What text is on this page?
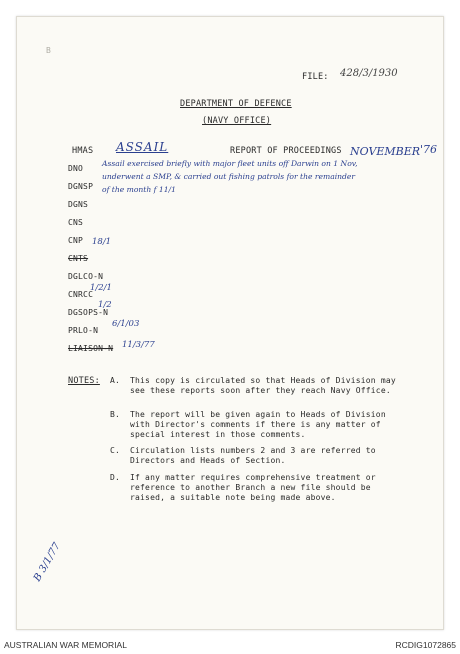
B
FILE: 428/3/1930
DEPARTMENT OF DEFENCE
(NAVY OFFICE)
HMAS ASSAIL	REPORT OF PROCEEDINGS NOVEMBER '76
Assail exercised briefly with major fleet units off Darwin on 1 Nov,
underwent a SMP, & carried out fishing patrols for the remainder
of the month f 11/1
DNO
DGNSP
DGNS
CNS
CNP 18/1
CNTS
DGLCO-N
CNRCC
1/2/1
DGSOPS-N
1/2
PRLO-N
6/1/03
LIAISON-N 11/3/77
NOTES: A. This copy is circulated so that Heads of Division may see these reports soon after they reach Navy Office.
B. The report will be given again to Heads of Division with Director's comments if there is any matter of special interest in those comments.
C. Circulation lists numbers 2 and 3 are referred to Directors and Heads of Section.
D. If any matter requires comprehensive treatment or reference to another Branch a new file should be raised, a suitable note being made above.
B 3/1/77
AUSTRALIAN WAR MEMORIAL	RCDIG1072865
